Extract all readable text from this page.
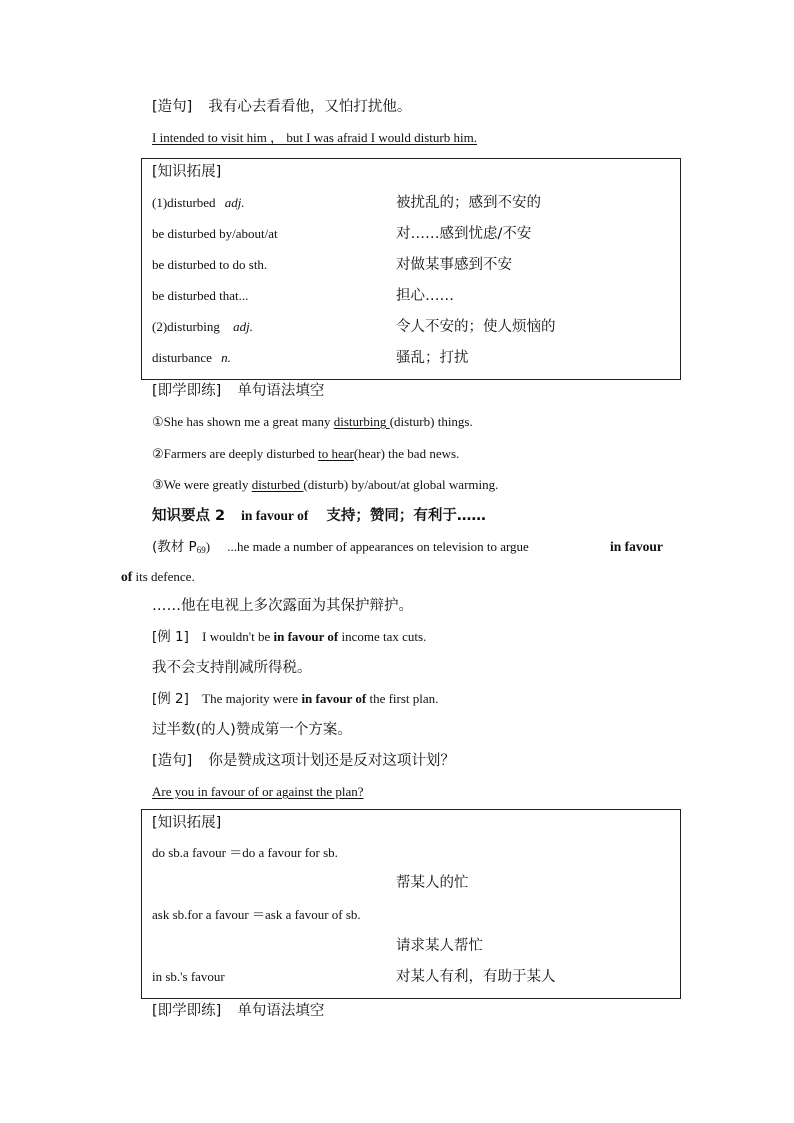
[造句] 我有心去看看他，又怕打扰他。
I intended to visit him ， but I was afraid I would disturb him.
[知识拓展]
(1)disturbed adj.	被扰乱的；感到不安的
be disturbed by/about/at	对……感到忧虑/不安
be disturbed to do sth.	对做某事感到不安
be disturbed that...	担心……
(2)disturbing adj.	令人不安的；使人烦恼的
disturbance n.	骚乱；打扰
[即学即练] 单句语法填空
①She has shown me a great many disturbing (disturb) things.
②Farmers are deeply disturbed to hear(hear) the bad news.
③We were greatly disturbed (disturb) by/about/at global warming.
知识要点 2 in favour of 支持；赞同；有利于……
(教材 $P_{69}$) ...he made a number of appearances on television to argue	in favour
of its defence.
……他在电视上多次露面为其保护辩护。
[例 1] I wouldn't be in favour of income tax cuts.
我不会支持削减所得税。
[例 2] The majority were in favour of the first plan.
过半数(的人)赞成第一个方案。
[造句] 你是赞成这项计划还是反对这项计划？
Are you in favour of or against the plan?
[知识拓展]
do sb.a favour ＝do a favour for sb.
帮某人的忙
ask sb.for a favour ＝ask a favour of sb.
请求某人帮忙
in sb.'s favour	对某人有利，有助于某人
[即学即练] 单句语法填空
